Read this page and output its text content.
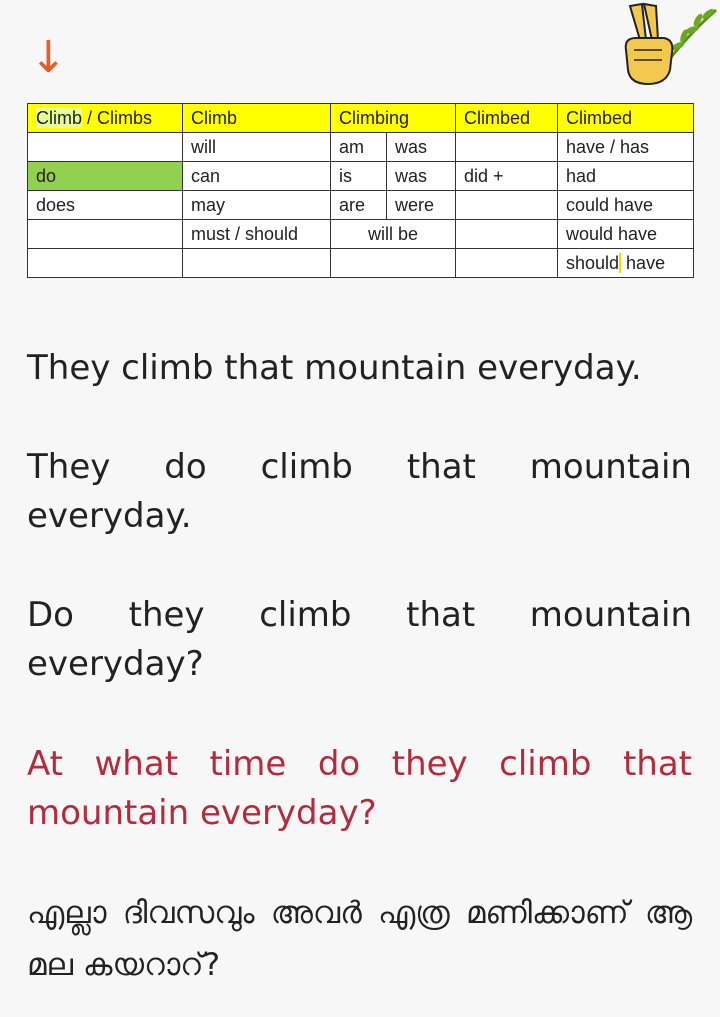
↓
Climb / Climbs	Climb	Climbing		Climbed	Climbed
	will	am	was		have / has
do	can	is	was	did +	had
does	may	are	were		could have
	must / should	will be			would have
					should have
They climb that mountain everyday.
They do climb that mountain everyday.
Do they climb that mountain everyday?
At what time do they climb that mountain everyday?
എല്ലാ ദിവസവും അവർ എത്ര മണിക്കാണ് ആ മല കയറാറ്?
